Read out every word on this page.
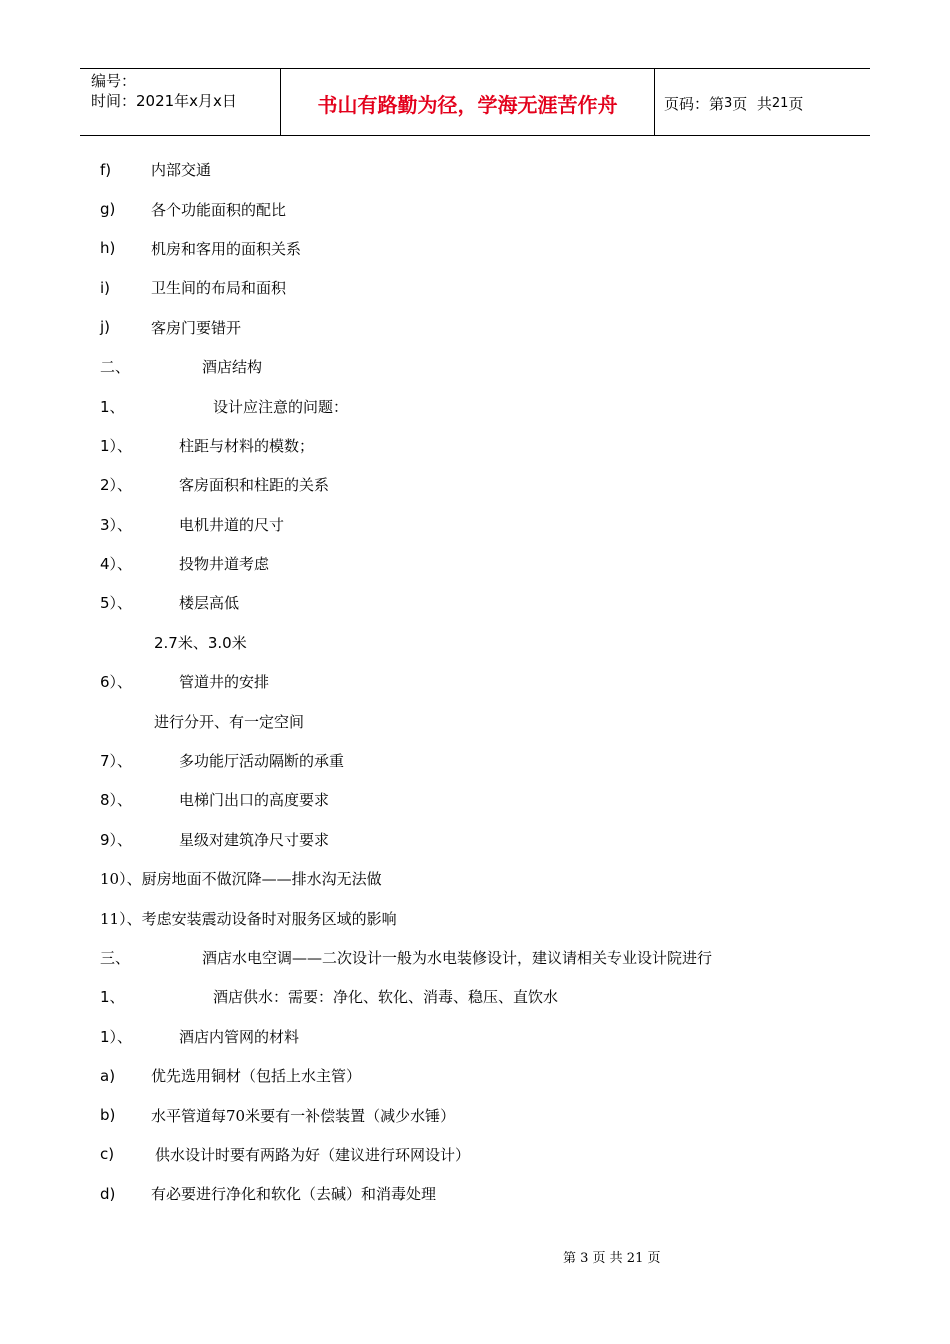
编号：
时间：2021年x月x日	书山有路勤为径，学海无涯苦作舟	页码：第 3 页  共 21 页
f)	内部交通
g)	各个功能面积的配比
h)	机房和客用的面积关系
i)	卫生间的布局和面积
j)	客房门要错开
二、	酒店结构
1、	设计应注意的问题：
1）、	柱距与材料的模数；
2）、	客房面积和柱距的关系
3）、	电机井道的尺寸
4）、	投物井道考虑
5）、	楼层高低
2.7米、3.0米
6）、	管道井的安排
进行分开、有一定空间
7）、	多功能厅活动隔断的承重
8）、	电梯门出口的高度要求
9）、	星级对建筑净尺寸要求
10）、厨房地面不做沉降——排水沟无法做
11）、考虑安装震动设备时对服务区域的影响
三、	酒店水电空调——二次设计一般为水电装修设计，建议请相关专业设计院进行
1、	酒店供水：需要：净化、软化、消毒、稳压、直饮水
1）、	酒店内管网的材料
a)	优先选用铜材（包括上水主管）
b)	水平管道每70米要有一补偿装置（减少水锤）
c)	供水设计时要有两路为好（建议进行环网设计）
d)	有必要进行净化和软化（去碱）和消毒处理
第 3 页 共 21 页
